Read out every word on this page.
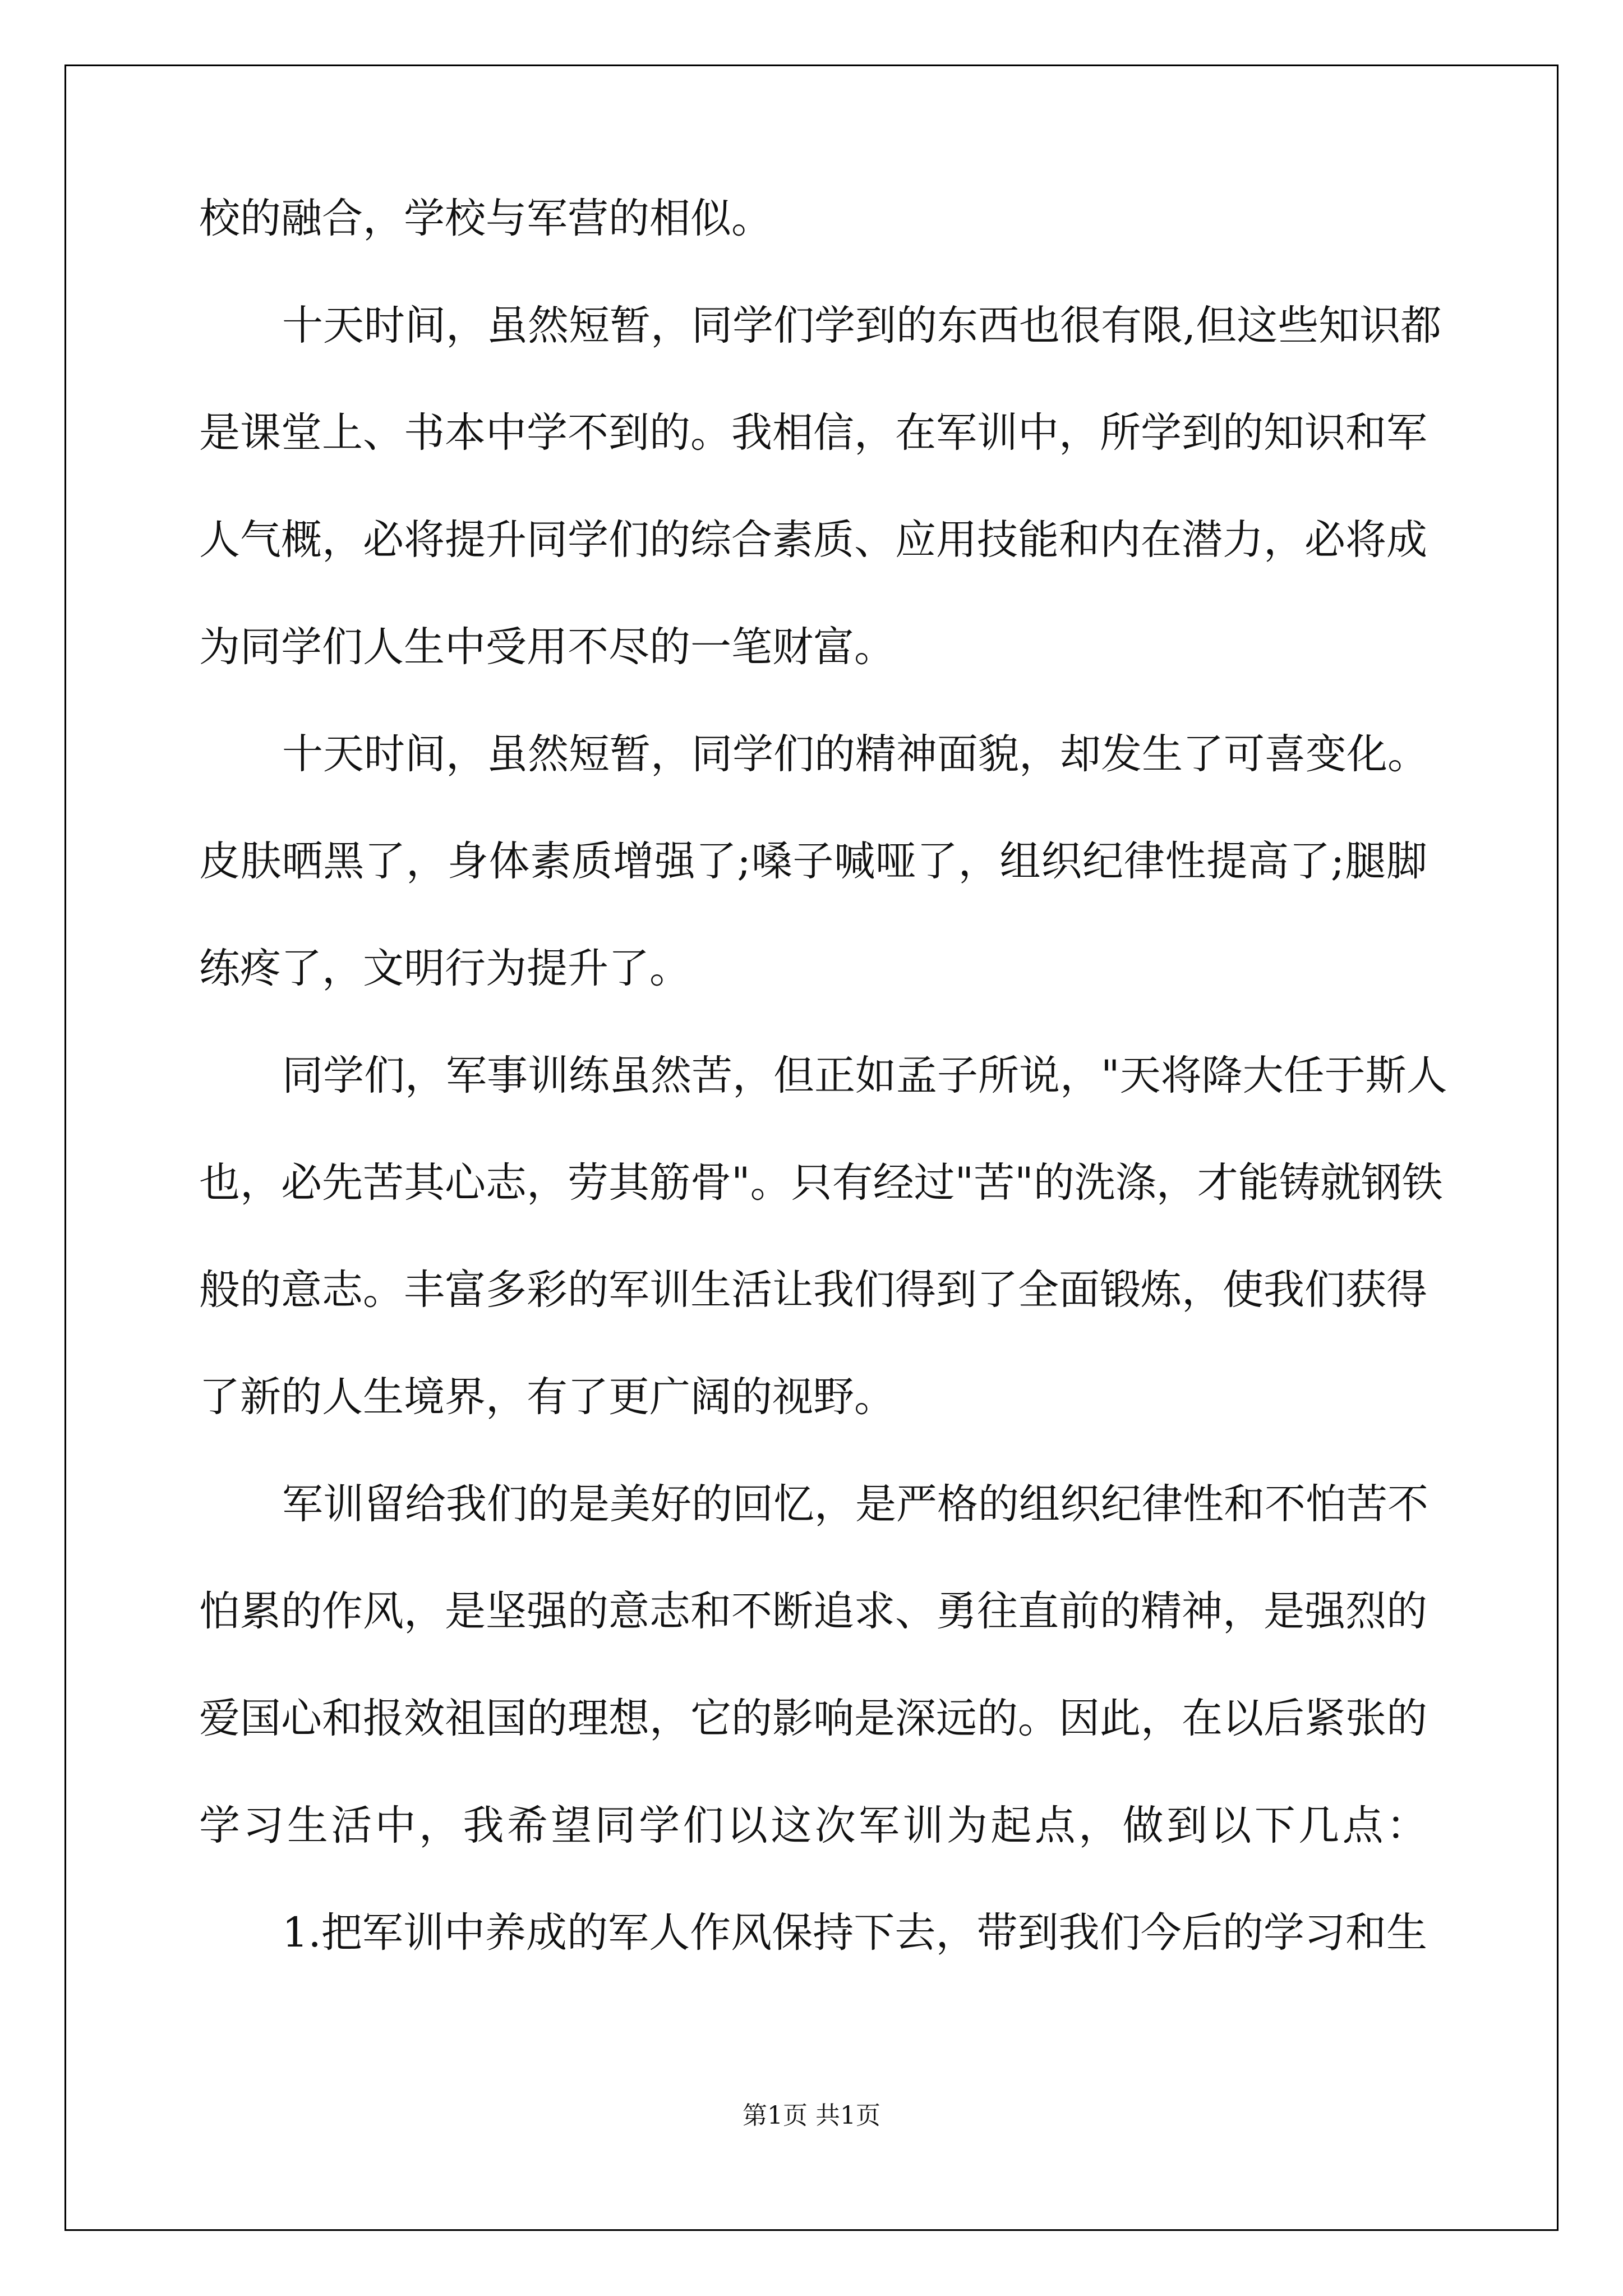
校的融合，学校与军营的相似。
十天时间，虽然短暂，同学们学到的东西也很有限,但这些知识都
是课堂上、书本中学不到的。我相信，在军训中，所学到的知识和军
人气概，必将提升同学们的综合素质、应用技能和内在潜力，必将成
为同学们人生中受用不尽的一笔财富。
十天时间，虽然短暂，同学们的精神面貌，却发生了可喜变化。
皮肤晒黑了，身体素质增强了;嗓子喊哑了，组织纪律性提高了;腿脚
练疼了，文明行为提升了。
同学们，军事训练虽然苦，但正如孟子所说，"天将降大任于斯人
也，必先苦其心志，劳其筋骨"。只有经过"苦"的洗涤，才能铸就钢铁
般的意志。丰富多彩的军训生活让我们得到了全面锻炼，使我们获得
了新的人生境界，有了更广阔的视野。
军训留给我们的是美好的回忆，是严格的组织纪律性和不怕苦不
怕累的作风，是坚强的意志和不断追求、勇往直前的精神，是强烈的
爱国心和报效祖国的理想，它的影响是深远的。因此，在以后紧张的
学习生活中，我希望同学们以这次军训为起点，做到以下几点：
1.把军训中养成的军人作风保持下去，带到我们今后的学习和生
第1页 共1页
